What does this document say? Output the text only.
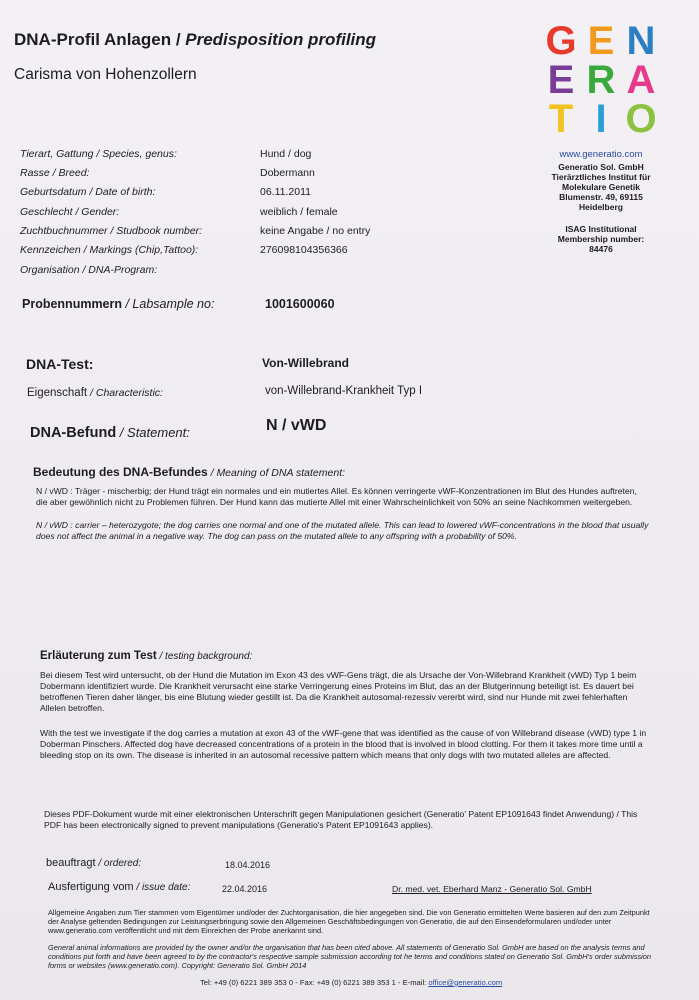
DNA-Profil Anlagen / Predisposition profiling
Carisma von Hohenzollern
G E N
E R A
T I O
www.generatio.com
Generatio Sol. GmbH
Tierärztliches Institut für
Molekulare Genetik
Blumenstr. 49, 69115
Heidelberg
ISAG Institutional
Membership number:
84476
Tierart, Gattung / Species, genus:	Hund / dog
Rasse / Breed:	Dobermann
Geburtsdatum / Date of birth:	06.11.2011
Geschlecht / Gender:	weiblich / female
Zuchtbuchnummer / Studbook number:	keine Angabe / no entry
Kennzeichen / Markings (Chip,Tattoo):	276098104356366
Organisation / DNA-Program:
Probennummern / Labsample no:	1001600060
DNA-Test:	Von-Willebrand
Eigenschaft / Characteristic:	von-Willebrand-Krankheit Typ I
DNA-Befund / Statement:	N / vWD
Bedeutung des DNA-Befundes / Meaning of DNA statement:
N / vWD : Träger - mischerbig; der Hund trägt ein normales und ein mutiertes Allel. Es können verringerte vWF-Konzentrationen im Blut des Hundes auftreten, die aber gewöhnlich nicht zu Problemen führen. Der Hund kann das mutierte Allel mit einer Wahrscheinlichkeit von 50% an seine Nachkommen weitergeben.
N / vWD : carrier – heterozygote; the dog carries one normal and one of the mutated allele. This can lead to lowered vWF-concentrations in the blood that usually does not affect the animal in a negative way. The dog can pass on the mutated allele to any offspring with a probability of 50%.
Erläuterung zum Test / testing background:
Bei diesem Test wird untersucht, ob der Hund die Mutation im Exon 43 des vWF-Gens trägt, die als Ursache der Von-Willebrand Krankheit (vWD) Typ 1 beim Dobermann identifiziert wurde. Die Krankheit verursacht eine starke Verringerung eines Proteins im Blut, das an der Blutgerinnung beteiligt ist. Es dauert bei betroffenen Tieren daher länger, bis eine Blutung wieder gestillt ist. Da die Krankheit autosomal-rezessiv vererbt wird, sind nur Hunde mit zwei fehlerhaften Allelen betroffen.
With the test we investigate if the dog carries a mutation at exon 43 of the vWF-gene that was identified as the cause of von Willebrand disease (vWD) type 1 in Doberman Pinschers. Affected dog have decreased concentrations of a protein in the blood that is involved in blood clotting. For them it takes more time until a bleeding stop on its own. The disease is inherited in an autosomal recessive pattern which means that only dogs with two mutated alleles are affected.
Dieses PDF-Dokument wurde mit einer elektronischen Unterschrift gegen Manipulationen gesichert (Generatio' Patent EP1091643 findet Anwendung) / This PDF has been electronically signed to prevent manipulations (Generatio's Patent EP1091643 applies).
beauftragt / ordered:	18.04.2016
Ausfertigung vom / issue date:	22.04.2016	Dr. med. vet. Eberhard Manz - Generatio Sol. GmbH
Allgemeine Angaben zum Tier stammen vom Eigentümer und/oder der Zuchtorganisation, die hier angegeben sind. Die von Generatio ermittelten Werte basieren auf den zum Zeitpunkt der Analyse geltenden Bedingungen zur Leistungserbringung sowie den Allgemeinen Geschäftsbedingungen von Generatio, die auf den Einsendeformularen und/oder unter www.generatio.com veröffentlicht und mit dem Einreichen der Probe anerkannt sind.
General animal informations are provided by the owner and/or the organisation that has been cited above. All statements of Generatio Sol. GmbH are based on the analysis terms and conditions put forth and have been agreed to by the contractor's respective sample submission according tot he terms and conditions stated on Generatio Sol. GmbH's order submission forms or websites (www.generatio.com). Copyright: Generatio Sol. GmbH 2014
Tel: +49 (0) 6221 389 353 0 - Fax: +49 (0) 6221 389 353 1 - E-mail: office@generatio.com
